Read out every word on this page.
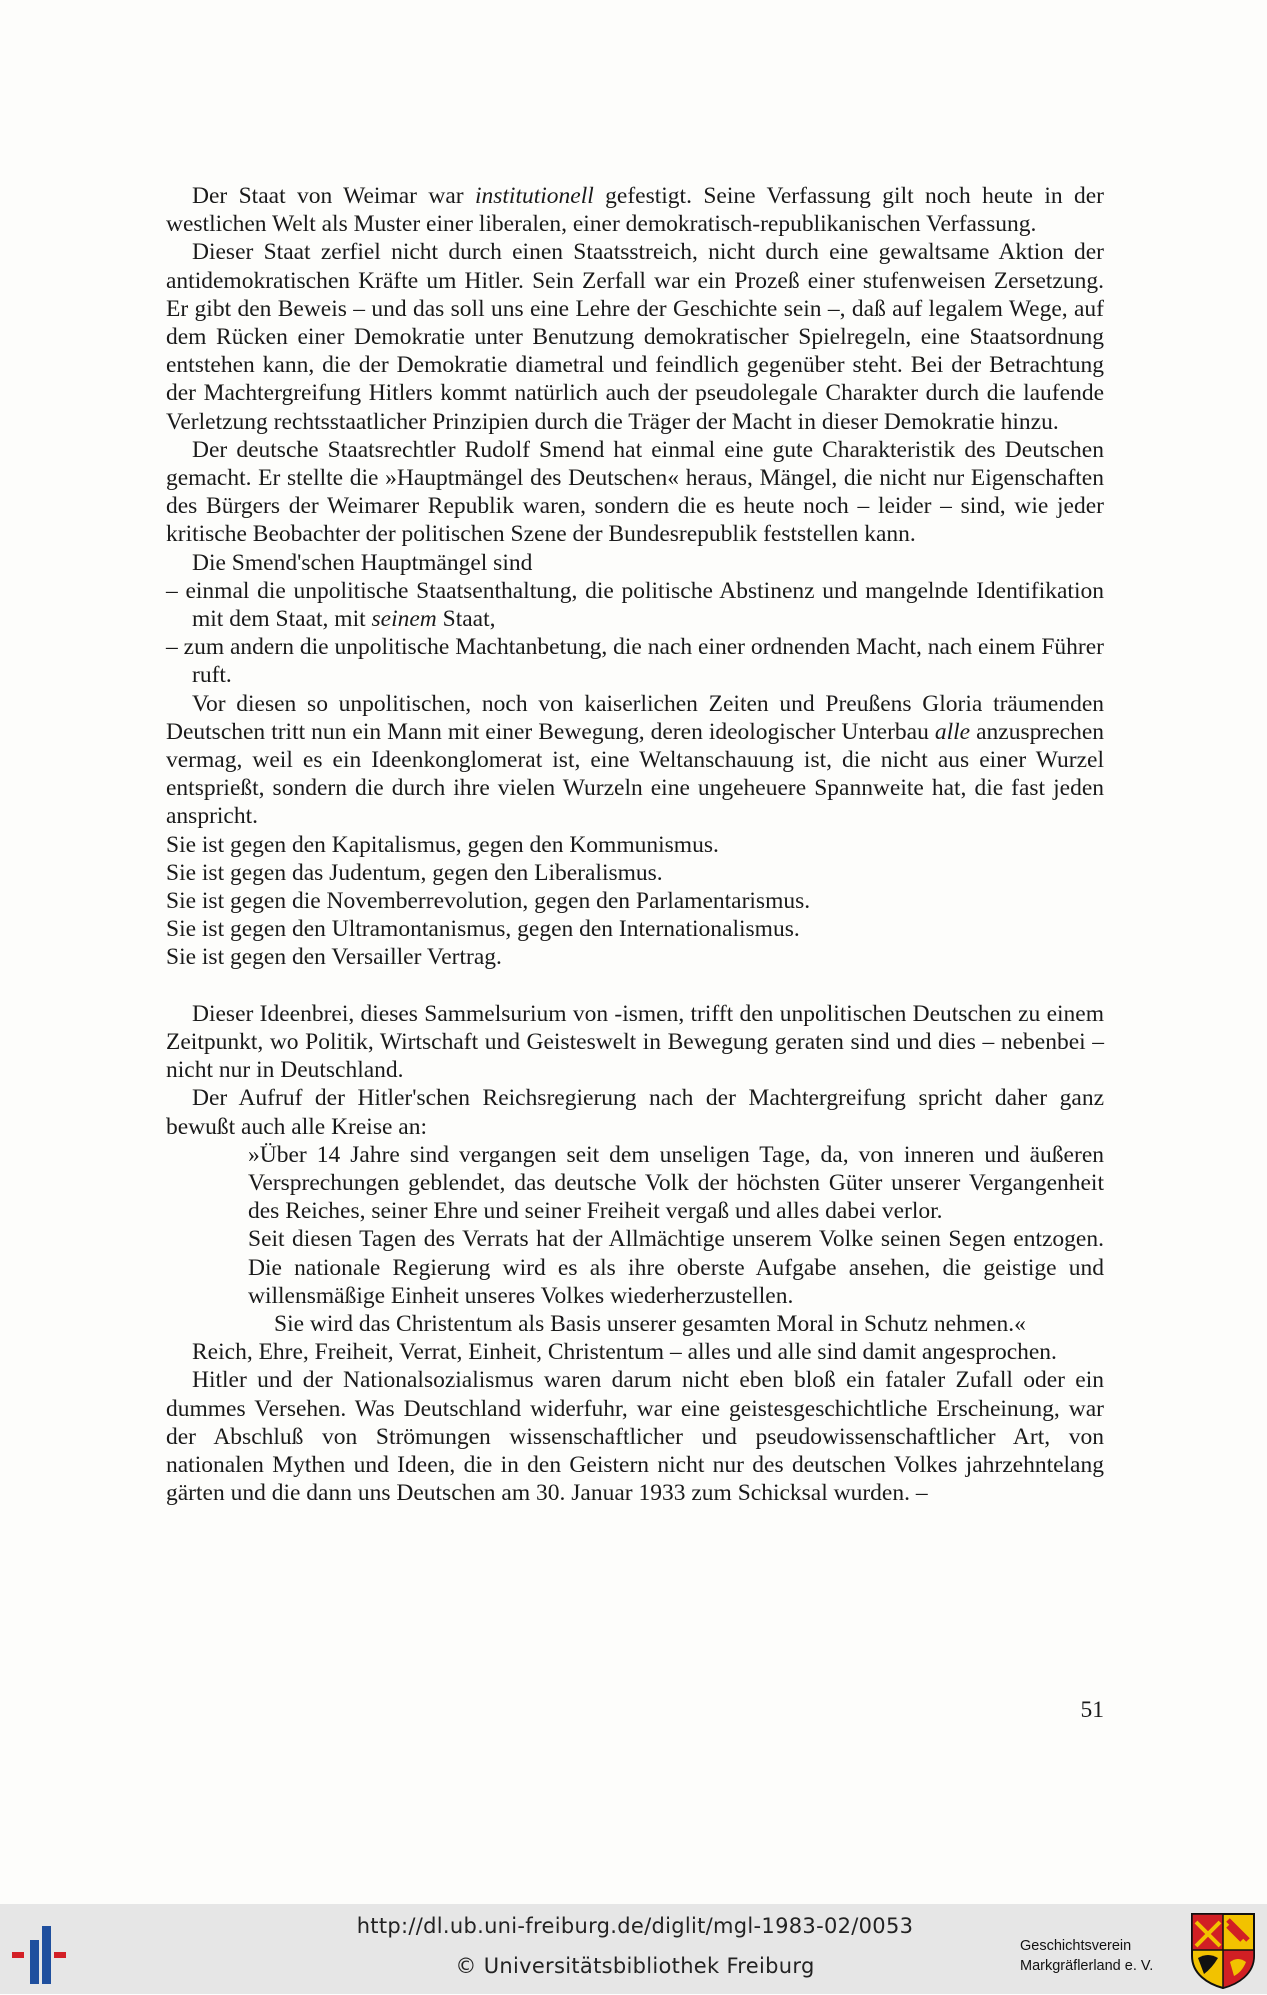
Der Staat von Weimar war institutionell gefestigt. Seine Verfassung gilt noch heute in der westlichen Welt als Muster einer liberalen, einer demokratisch-republikanischen Verfassung.

Dieser Staat zerfiel nicht durch einen Staatsstreich, nicht durch eine gewaltsame Aktion der antidemokratischen Kräfte um Hitler. Sein Zerfall war ein Prozeß einer stufenweisen Zersetzung. Er gibt den Beweis – und das soll uns eine Lehre der Geschichte sein –, daß auf legalem Wege, auf dem Rücken einer Demokratie unter Benutzung demokratischer Spielregeln, eine Staatsordnung entstehen kann, die der Demokratie diametral und feindlich gegenüber steht. Bei der Betrachtung der Machtergreifung Hitlers kommt natürlich auch der pseudolegale Charakter durch die laufende Verletzung rechtsstaatlicher Prinzipien durch die Träger der Macht in dieser Demokratie hinzu.

Der deutsche Staatsrechtler Rudolf Smend hat einmal eine gute Charakteristik des Deutschen gemacht. Er stellte die »Hauptmängel des Deutschen« heraus, Mängel, die nicht nur Eigenschaften des Bürgers der Weimarer Republik waren, sondern die es heute noch – leider – sind, wie jeder kritische Beobachter der politischen Szene der Bundesrepublik feststellen kann.

Die Smend'schen Hauptmängel sind

– einmal die unpolitische Staatsenthaltung, die politische Abstinenz und mangelnde Identifikation mit dem Staat, mit seinem Staat,

– zum andern die unpolitische Machtanbetung, die nach einer ordnenden Macht, nach einem Führer ruft.

Vor diesen so unpolitischen, noch von kaiserlichen Zeiten und Preußens Gloria träumenden Deutschen tritt nun ein Mann mit einer Bewegung, deren ideologischer Unterbau alle anzusprechen vermag, weil es ein Ideenkonglomerat ist, eine Weltanschauung ist, die nicht aus einer Wurzel entsprießt, sondern die durch ihre vielen Wurzeln eine ungeheuere Spannweite hat, die fast jeden anspricht.

Sie ist gegen den Kapitalismus, gegen den Kommunismus.

Sie ist gegen das Judentum, gegen den Liberalismus.

Sie ist gegen die Novemberrevolution, gegen den Parlamentarismus.

Sie ist gegen den Ultramontanismus, gegen den Internationalismus.

Sie ist gegen den Versailler Vertrag.

Dieser Ideenbrei, dieses Sammelsurium von -ismen, trifft den unpolitischen Deutschen zu einem Zeitpunkt, wo Politik, Wirtschaft und Geisteswelt in Bewegung geraten sind und dies – nebenbei – nicht nur in Deutschland.

Der Aufruf der Hitler'schen Reichsregierung nach der Machtergreifung spricht daher ganz bewußt auch alle Kreise an:

»Über 14 Jahre sind vergangen seit dem unseligen Tage, da, von inneren und äußeren Versprechungen geblendet, das deutsche Volk der höchsten Güter unserer Vergangenheit des Reiches, seiner Ehre und seiner Freiheit vergaß und alles dabei verlor.

Seit diesen Tagen des Verrats hat der Allmächtige unserem Volke seinen Segen entzogen. Die nationale Regierung wird es als ihre oberste Aufgabe ansehen, die geistige und willensmäßige Einheit unseres Volkes wiederherzustellen.

Sie wird das Christentum als Basis unserer gesamten Moral in Schutz nehmen.«

Reich, Ehre, Freiheit, Verrat, Einheit, Christentum – alles und alle sind damit angesprochen.

Hitler und der Nationalsozialismus waren darum nicht eben bloß ein fataler Zufall oder ein dummes Versehen. Was Deutschland widerfuhr, war eine geistesgeschichtliche Erscheinung, war der Abschluß von Strömungen wissenschaftlicher und pseudowissenschaftlicher Art, von nationalen Mythen und Ideen, die in den Geistern nicht nur des deutschen Volkes jahrzehntelang gärten und die dann uns Deutschen am 30. Januar 1933 zum Schicksal wurden. –

51
http://dl.ub.uni-freiburg.de/diglit/mgl-1983-02/0053
© Universitätsbibliothek Freiburg
Geschichtsverein
Markgräflerland e. V.
